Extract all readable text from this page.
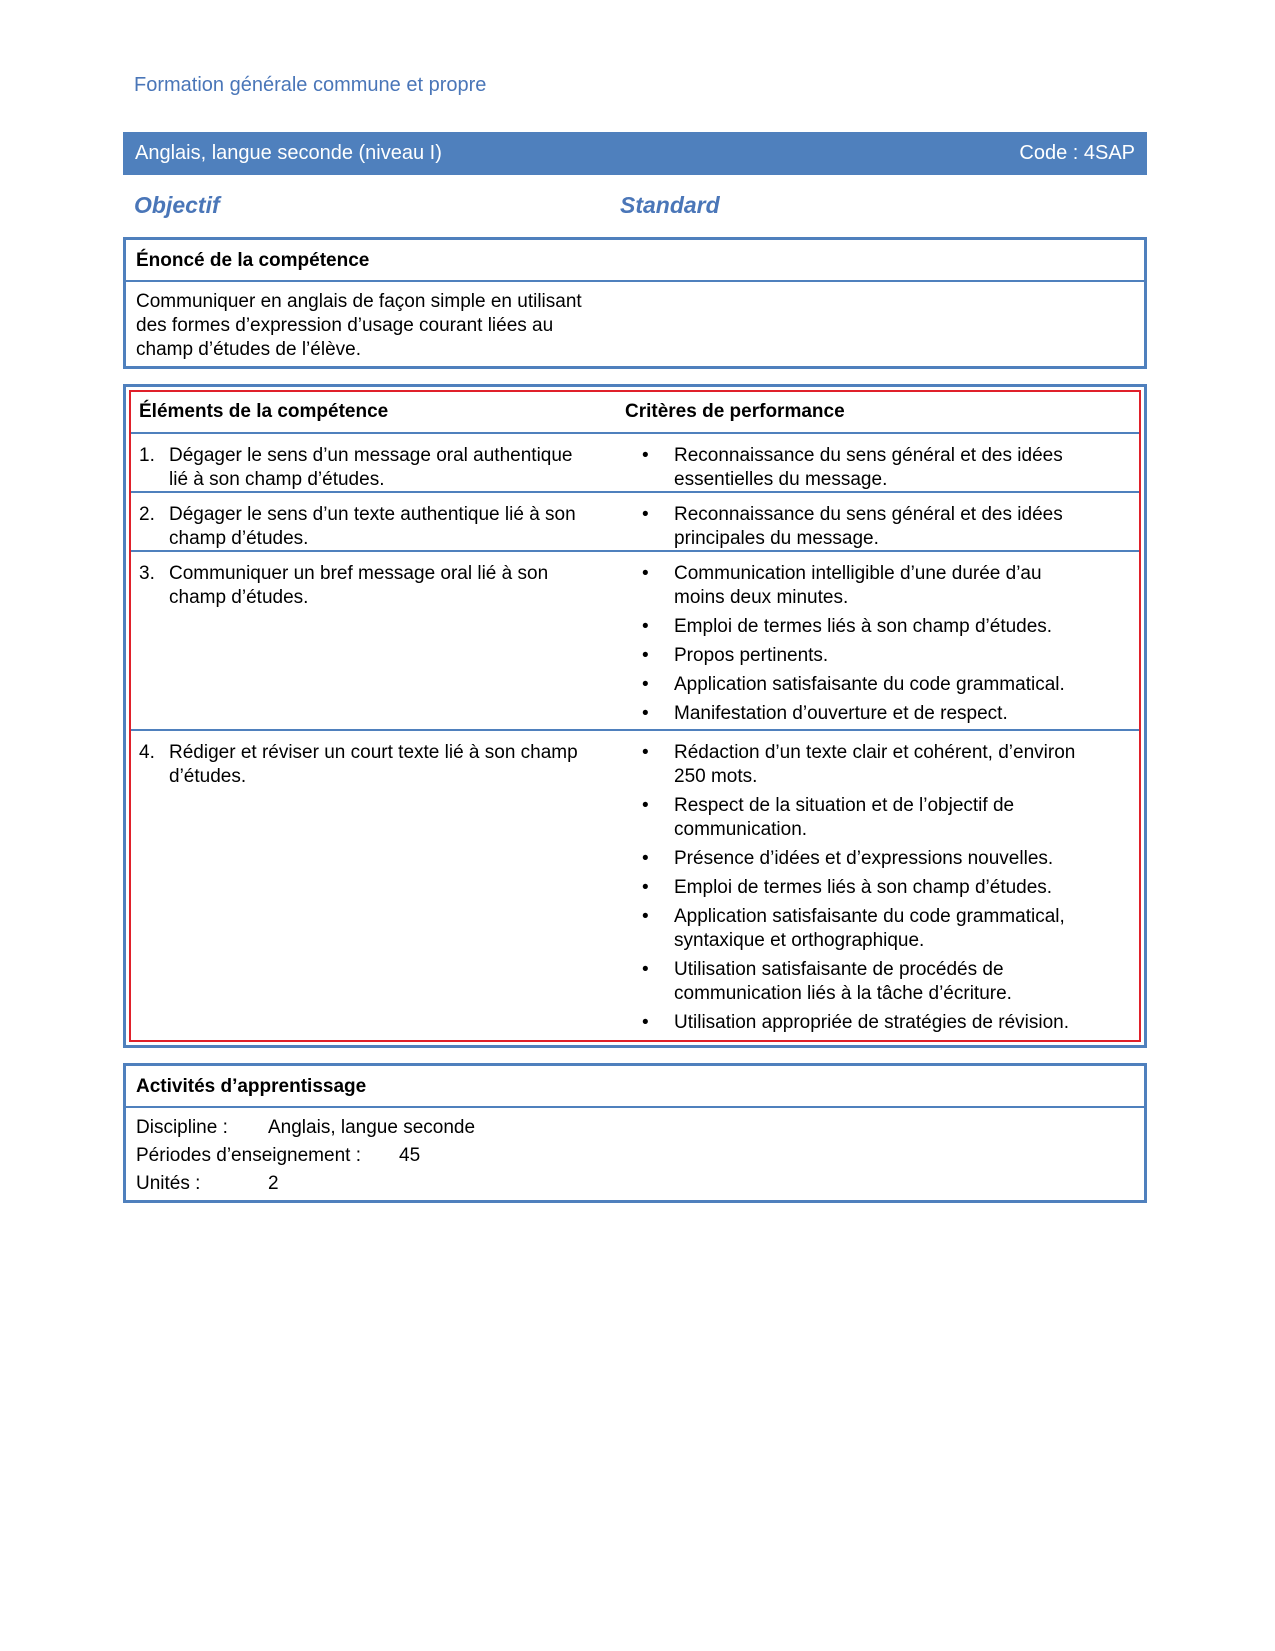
Formation générale commune et propre
Anglais, langue seconde (niveau I)	Code : 4SAP
Objectif	Standard
Énoncé de la compétence
Communiquer en anglais de façon simple en utilisant
des formes d’expression d’usage courant liées au
champ d’études de l’élève.
Éléments de la compétence	Critères de performance
1. Dégager le sens d’un message oral authentique
lié à son champ d’études.
•	Reconnaissance du sens général et des idées
essentielles du message.
2. Dégager le sens d’un texte authentique lié à son
champ d’études.
•	Reconnaissance du sens général et des idées
principales du message.
3. Communiquer un bref message oral lié à son
champ d’études.
•	Communication intelligible d’une durée d’au
moins deux minutes.
•	Emploi de termes liés à son champ d’études.
•	Propos pertinents.
•	Application satisfaisante du code grammatical.
•	Manifestation d’ouverture et de respect.
4. Rédiger et réviser un court texte lié à son champ
d’études.
•	Rédaction d’un texte clair et cohérent, d’environ
250 mots.
•	Respect de la situation et de l’objectif de
communication.
•	Présence d’idées et d’expressions nouvelles.
•	Emploi de termes liés à son champ d’études.
•	Application satisfaisante du code grammatical,
syntaxique et orthographique.
•	Utilisation satisfaisante de procédés de
communication liés à la tâche d’écriture.
•	Utilisation appropriée de stratégies de révision.
Activités d’apprentissage
Discipline :	Anglais, langue seconde
Périodes d’enseignement :	45
Unités :	2
